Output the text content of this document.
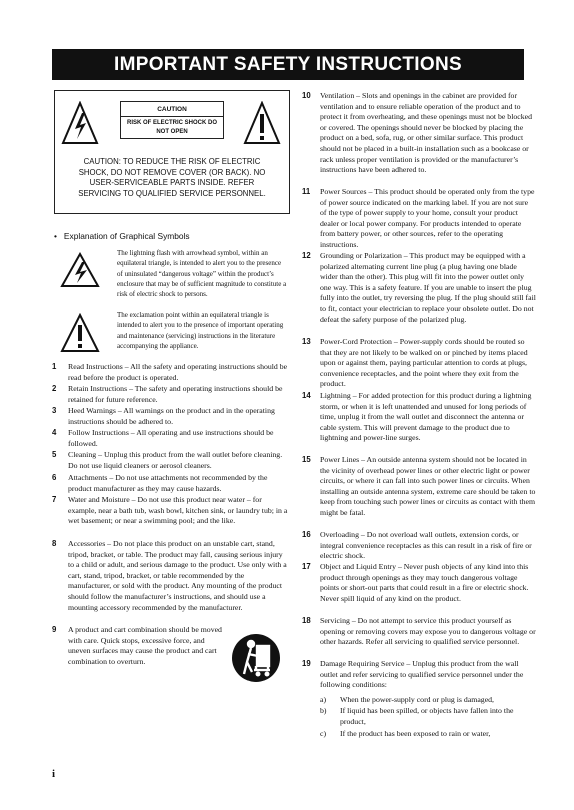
IMPORTANT SAFETY INSTRUCTIONS
CAUTION
RISK OF ELECTRIC SHOCK DO NOT OPEN
CAUTION: TO REDUCE THE RISK OF ELECTRIC SHOCK, DO NOT REMOVE COVER (OR BACK). NO USER-SERVICEABLE PARTS INSIDE. REFER SERVICING TO QUALIFIED SERVICE PERSONNEL.
• Explanation of Graphical Symbols
The lightning flash with arrowhead symbol, within an equilateral triangle, is intended to alert you to the presence of uninsulated “dangerous voltage” within the product’s enclosure that may be of sufficient magnitude to constitute a risk of electric shock to persons.
The exclamation point within an equilateral triangle is intended to alert you to the presence of important operating and maintenance (servicing) instructions in the literature accompanying the appliance.
1 Read Instructions – All the safety and operating instructions should be read before the product is operated.
2 Retain Instructions – The safety and operating instructions should be retained for future reference.
3 Heed Warnings – All warnings on the product and in the operating instructions should be adhered to.
4 Follow Instructions – All operating and use instructions should be followed.
5 Cleaning – Unplug this product from the wall outlet before cleaning. Do not use liquid cleaners or aerosol cleaners.
6 Attachments – Do not use attachments not recommended by the product manufacturer as they may cause hazards.
7 Water and Moisture – Do not use this product near water – for example, near a bath tub, wash bowl, kitchen sink, or laundry tub; in a wet basement; or near a swimming pool; and the like.
8 Accessories – Do not place this product on an unstable cart, stand, tripod, bracket, or table. The product may fall, causing serious injury to a child or adult, and serious damage to the product. Use only with a cart, stand, tripod, bracket, or table recommended by the manufacturer, or sold with the product. Any mounting of the product should follow the manufacturer’s instructions, and should use a mounting accessory recommended by the manufacturer.
9 A product and cart combination should be moved with care. Quick stops, excessive force, and uneven surfaces may cause the product and cart combination to overturn.
10 Ventilation – Slots and openings in the cabinet are provided for ventilation and to ensure reliable operation of the product and to protect it from overheating, and these openings must not be blocked or covered. The openings should never be blocked by placing the product on a bed, sofa, rug, or other similar surface. This product should not be placed in a built-in installation such as a bookcase or rack unless proper ventilation is provided or the manufacturer’s instructions have been adhered to.
11 Power Sources – This product should be operated only from the type of power source indicated on the marking label. If you are not sure of the type of power supply to your home, consult your product dealer or local power company. For products intended to operate from battery power, or other sources, refer to the operating instructions.
12 Grounding or Polarization – This product may be equipped with a polarized alternating current line plug (a plug having one blade wider than the other). This plug will fit into the power outlet only one way. This is a safety feature. If you are unable to insert the plug fully into the outlet, try reversing the plug. If the plug should still fail to fit, contact your electrician to replace your obsolete outlet. Do not defeat the safety purpose of the polarized plug.
13 Power-Cord Protection – Power-supply cords should be routed so that they are not likely to be walked on or pinched by items placed upon or against them, paying particular attention to cords at plugs, convenience receptacles, and the point where they exit from the product.
14 Lightning – For added protection for this product during a lightning storm, or when it is left unattended and unused for long periods of time, unplug it from the wall outlet and disconnect the antenna or cable system. This will prevent damage to the product due to lightning and power-line surges.
15 Power Lines – An outside antenna system should not be located in the vicinity of overhead power lines or other electric light or power circuits, or where it can fall into such power lines or circuits. When installing an outside antenna system, extreme care should be taken to keep from touching such power lines or circuits as contact with them might be fatal.
16 Overloading – Do not overload wall outlets, extension cords, or integral convenience receptacles as this can result in a risk of fire or electric shock.
17 Object and Liquid Entry – Never push objects of any kind into this product through openings as they may touch dangerous voltage points or short-out parts that could result in a fire or electric shock. Never spill liquid of any kind on the product.
18 Servicing – Do not attempt to service this product yourself as opening or removing covers may expose you to dangerous voltage or other hazards. Refer all servicing to qualified service personnel.
19 Damage Requiring Service – Unplug this product from the wall outlet and refer servicing to qualified service personnel under the following conditions:
a) When the power-supply cord or plug is damaged,
b) If liquid has been spilled, or objects have fallen into the product,
c) If the product has been exposed to rain or water,
i
